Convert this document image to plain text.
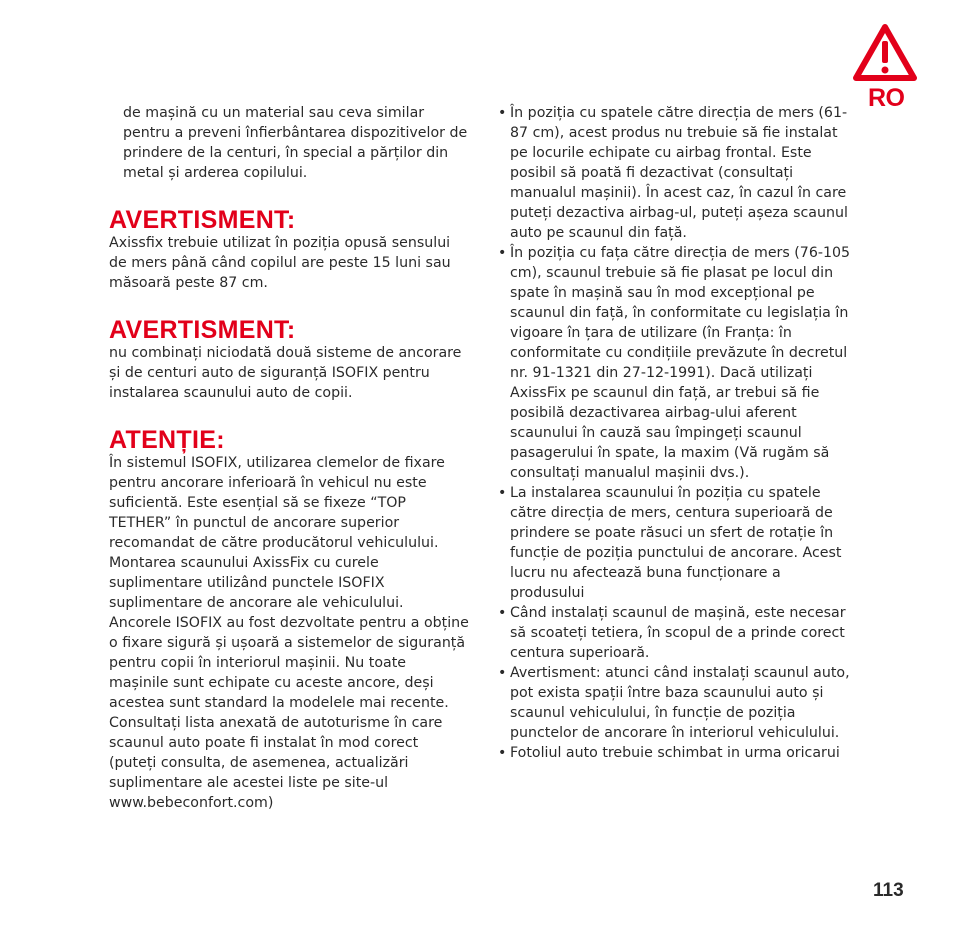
RO

de mașină cu un material sau ceva similar pentru a preveni înfierbântarea dispozitivelor de prindere de la centuri, în special a părților din metal și arderea copilului.

AVERTISMENT:

Axissfix trebuie utilizat în poziția opusă sensului de mers până când copilul are peste 15 luni sau măsoară peste 87 cm.

AVERTISMENT:

nu combinați niciodată două sisteme de ancorare și de centuri auto de siguranță ISOFIX pentru instalarea scaunului auto de copii.

ATENȚIE:

În sistemul ISOFIX, utilizarea clemelor de fixare pentru ancorare inferioară în vehicul nu este suficientă. Este esențial să se fixeze “TOP TETHER” în punctul de ancorare superior recomandat de către producătorul vehiculului. Montarea scaunului AxissFix cu curele suplimentare utilizând punctele ISOFIX suplimentare de ancorare ale vehiculului. Ancorele ISOFIX au fost dezvoltate pentru a obține o fixare sigură și ușoară a sistemelor de siguranță pentru copii în interiorul mașinii. Nu toate mașinile sunt echipate cu aceste ancore, deși acestea sunt standard la modelele mai recente. Consultați lista anexată de autoturisme în care scaunul auto poate fi instalat în mod corect (puteți consulta, de asemenea, actualizări suplimentare ale acestei liste pe site-ul www.bebeconfort.com)

• În poziția cu spatele către direcția de mers (61-87 cm), acest produs nu trebuie să fie instalat pe locurile echipate cu airbag frontal. Este posibil să poată fi dezactivat (consultați manualul mașinii). În acest caz, în cazul în care puteți dezactiva airbag-ul, puteți așeza scaunul auto pe scaunul din față.
• În poziția cu fața către direcția de mers (76-105 cm), scaunul trebuie să fie plasat pe locul din spate în mașină sau în mod excepțional pe scaunul din față, în conformitate cu legislația în vigoare în țara de utilizare (în Franța: în conformitate cu condițiile prevăzute în decretul nr. 91-1321 din 27-12-1991). Dacă utilizați AxissFix pe scaunul din față, ar trebui să fie posibilă dezactivarea airbag-ului aferent scaunului în cauză sau împingeți scaunul pasagerului în spate, la maxim (Vă rugăm să consultați manualul mașinii dvs.).
• La instalarea scaunului în poziția cu spatele către direcția de mers, centura superioară de prindere se poate răsuci un sfert de rotație în funcție de poziția punctului de ancorare. Acest lucru nu afectează buna funcționare a produsului
• Când instalați scaunul de mașină, este necesar să scoateți tetiera, în scopul de a prinde corect centura superioară.
• Avertisment: atunci când instalați scaunul auto, pot exista spații între baza scaunului auto și scaunul vehiculului, în funcție de poziția punctelor de ancorare în interiorul vehiculului.
• Fotoliul auto trebuie schimbat in urma oricarui
113
